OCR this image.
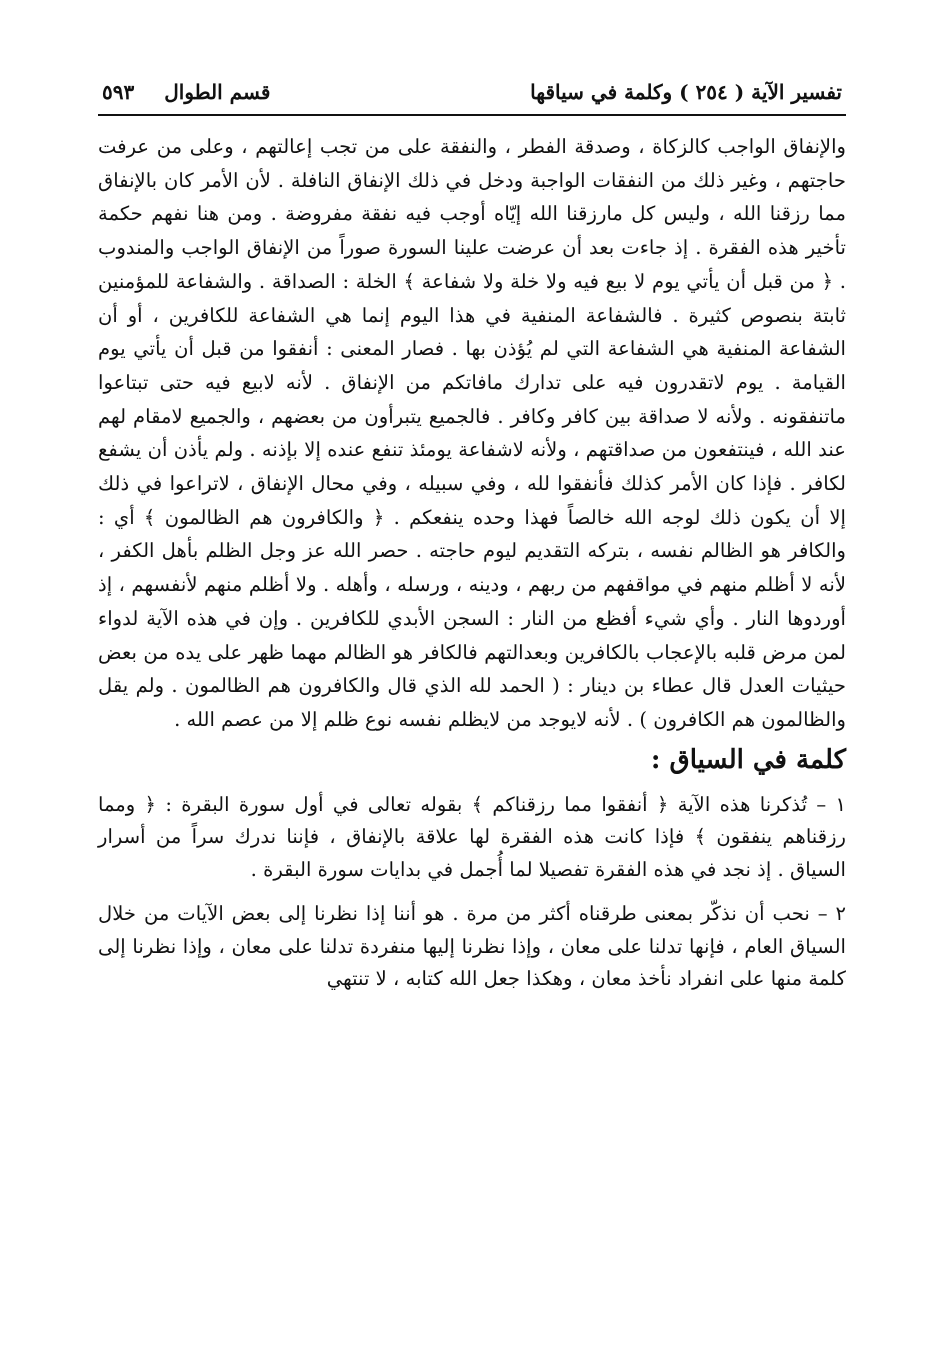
تفسير الآية ( ٢٥٤ ) وكلمة في سياقها
قسم الطوال
٥٩٣

والإنفاق الواجب كالزكاة ، وصدقة الفطر ، والنفقة على من تجب إعالتهم ، وعلى من عرفت حاجتهم ، وغير ذلك من النفقات الواجبة ودخل في ذلك الإنفاق النافلة . لأن الأمر كان بالإنفاق مما رزقنا الله ، وليس كل مارزقنا الله إيّاه أوجب فيه نفقة مفروضة . ومن هنا نفهم حكمة تأخير هذه الفقرة . إذ جاءت بعد أن عرضت علينا السورة صوراً من الإنفاق الواجب والمندوب . ﴿ من قبل أن يأتي يوم لا بيع فيه ولا خلة ولا شفاعة ﴾ الخلة : الصداقة . والشفاعة للمؤمنين ثابتة بنصوص كثيرة . فالشفاعة المنفية في هذا اليوم إنما هي الشفاعة للكافرين ، أو أن الشفاعة المنفية هي الشفاعة التي لم يُؤذن بها . فصار المعنى : أنفقوا من قبل أن يأتي يوم القيامة . يوم لاتقدرون فيه على تدارك مافاتكم من الإنفاق . لأنه لابيع فيه حتى تبتاعوا ماتنفقونه . ولأنه لا صداقة بين كافر وكافر . فالجميع يتبرأون من بعضهم ، والجميع لامقام لهم عند الله ، فينتفعون من صداقتهم ، ولأنه لاشفاعة يومئذ تنفع عنده إلا بإذنه . ولم يأذن أن يشفع لكافر . فإذا كان الأمر كذلك فأنفقوا لله ، وفي سبيله ، وفي محال الإنفاق ، لاتراعوا في ذلك إلا أن يكون ذلك لوجه الله خالصاً فهذا وحده ينفعكم . ﴿ والكافرون هم الظالمون ﴾ أي : والكافر هو الظالم نفسه ، بتركه التقديم ليوم حاجته . حصر الله عز وجل الظلم بأهل الكفر ، لأنه لا أظلم منهم في مواقفهم من ربهم ، ودينه ، ورسله ، وأهله . ولا أظلم منهم لأنفسهم ، إذ أوردوها النار . وأي شيء أفظع من النار : السجن الأبدي للكافرين . وإن في هذه الآية لدواء لمن مرض قلبه بالإعجاب بالكافرين وبعدالتهم فالكافر هو الظالم مهما ظهر على يده من بعض حيثيات العدل قال عطاء بن دينار : ( الحمد لله الذي قال والكافرون هم الظالمون . ولم يقل والظالمون هم الكافرون ) . لأنه لايوجد من لايظلم نفسه نوع ظلم إلا من عصم الله .

كلمة في السياق :

١ – تُذكرنا هذه الآية ﴿ أنفقوا مما رزقناكم ﴾ بقوله تعالى في أول سورة البقرة : ﴿ ومما رزقناهم ينفقون ﴾ فإذا كانت هذه الفقرة لها علاقة بالإنفاق ، فإننا ندرك سراً من أسرار السياق . إذ نجد في هذه الفقرة تفصيلا لما أُجمل في بدايات سورة البقرة .

٢ – نحب أن نذكّر بمعنى طرقناه أكثر من مرة . هو أننا إذا نظرنا إلى بعض الآيات من خلال السياق العام ، فإنها تدلنا على معان ، وإذا نظرنا إليها منفردة تدلنا على معان ، وإذا نظرنا إلى كلمة منها على انفراد نأخذ معان ، وهكذا جعل الله كتابه ، لا تنتهي
